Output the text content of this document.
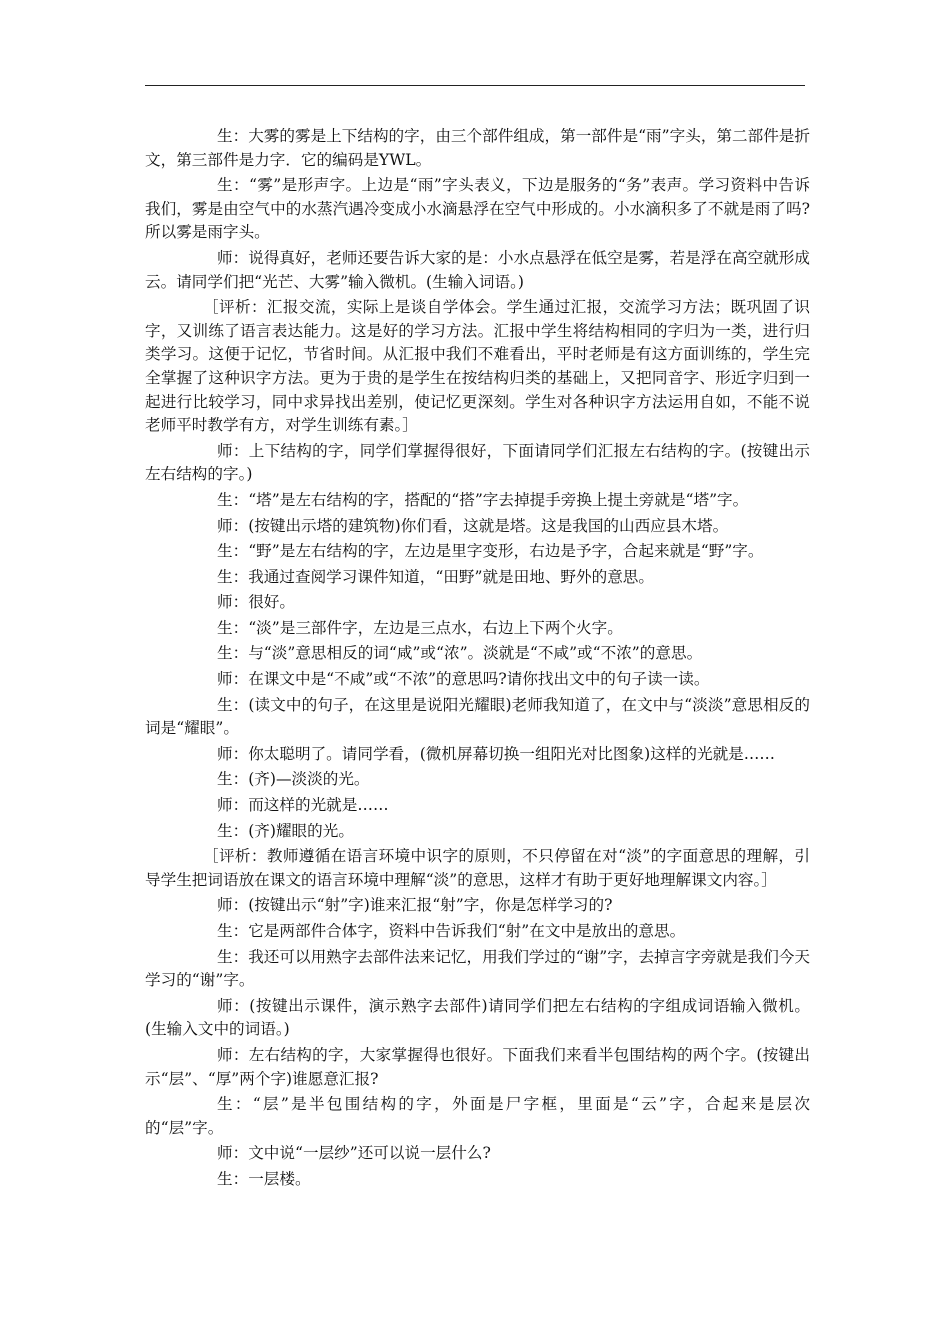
生：大雾的雾是上下结构的字，由三个部件组成，第一部件是“雨”字头，第二部件是折文，第三部件是力字．它的编码是YWL。

生：“雾”是形声字。上边是“雨”字头表义，下边是服务的“务”表声。学习资料中告诉我们，雾是由空气中的水蒸汽遇冷变成小水滴悬浮在空气中形成的。小水滴积多了不就是雨了吗?所以雾是雨字头。

师：说得真好，老师还要告诉大家的是：小水点悬浮在低空是雾，若是浮在高空就形成云。请同学们把“光芒、大雾”输入微机。(生输入词语。)

［评析：汇报交流，实际上是谈自学体会。学生通过汇报，交流学习方法；既巩固了识字，又训练了语言表达能力。这是好的学习方法。汇报中学生将结构相同的字归为一类，进行归类学习。这便于记忆，节省时间。从汇报中我们不难看出，平时老师是有这方面训练的，学生完全掌握了这种识字方法。更为于贵的是学生在按结构归类的基础上，又把同音字、形近字归到一起进行比较学习，同中求异找出差别，使记忆更深刻。学生对各种识字方法运用自如，不能不说老师平时教学有方，对学生训练有素。］

师：上下结构的字，同学们掌握得很好，下面请同学们汇报左右结构的字。(按键出示左右结构的字。)

生：“塔”是左右结构的字，搭配的“搭”字去掉提手旁换上提土旁就是“塔”字。

师：(按键出示塔的建筑物)你们看，这就是塔。这是我国的山西应县木塔。

生：“野”是左右结构的字，左边是里字变形，右边是予字，合起来就是“野”字。

生：我通过查阅学习课件知道，“田野”就是田地、野外的意思。

师：很好。

生：“淡”是三部件字，左边是三点水，右边上下两个火字。

生：与“淡”意思相反的词“咸”或“浓”。淡就是“不咸”或“不浓”的意思。

师：在课文中是“不咸”或“不浓”的意思吗?请你找出文中的句子读一读。

生：(读文中的句子，在这里是说阳光耀眼)老师我知道了，在文中与“淡淡”意思相反的词是“耀眼”。

师：你太聪明了。请同学看，(微机屏幕切换一组阳光对比图象)这样的光就是……

生：(齐)—淡淡的光。

师：而这样的光就是……

生：(齐)耀眼的光。

［评析：教师遵循在语言环境中识字的原则，不只停留在对“淡”的字面意思的理解，引导学生把词语放在课文的语言环境中理解“淡”的意思，这样才有助于更好地理解课文内容。］

师：(按键出示“射”字)谁来汇报“射”字，你是怎样学习的?

生：它是两部件合体字，资料中告诉我们“射”在文中是放出的意思。

生：我还可以用熟字去部件法来记忆，用我们学过的“谢”字，去掉言字旁就是我们今天学习的“谢”字。

师：(按键出示课件，演示熟字去部件)请同学们把左右结构的字组成词语输入微机。(生输入文中的词语。)

师：左右结构的字，大家掌握得也很好。下面我们来看半包围结构的两个字。(按键出示“层”、“厚”两个字)谁愿意汇报?

生：“层”是半包围结构的字，外面是尸字框，里面是“云”字，合起来是层次的“层”字。

师：文中说“一层纱”还可以说一层什么?

生：一层楼。
